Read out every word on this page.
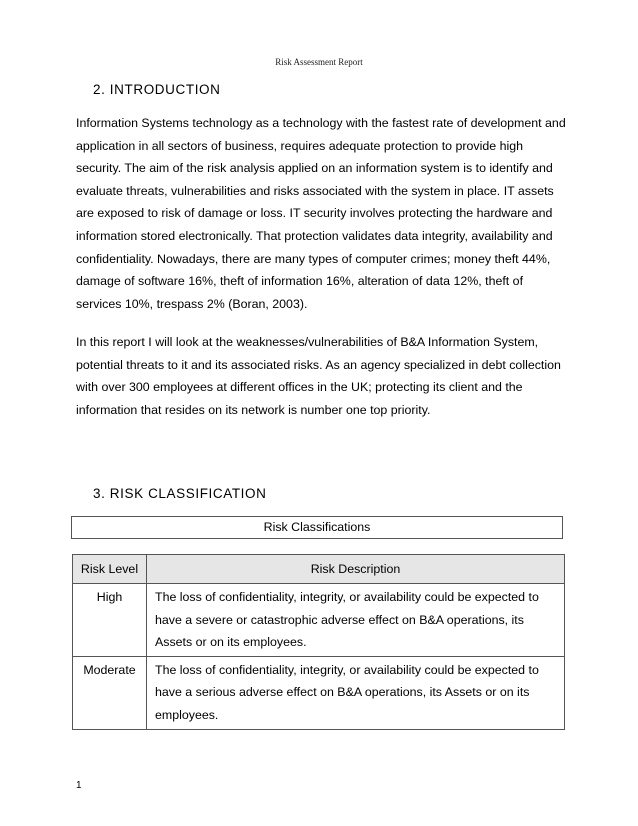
Risk Assessment Report
2. INTRODUCTION

Information Systems technology as a technology with the fastest rate of development and application in all sectors of business, requires adequate protection to provide high security. The aim of the risk analysis applied on an information system is to identify and evaluate threats, vulnerabilities and risks associated with the system in place. IT assets are exposed to risk of damage or loss. IT security involves protecting the hardware and information stored electronically. That protection validates data integrity, availability and confidentiality. Nowadays, there are many types of computer crimes; money theft 44%, damage of software 16%, theft of information 16%, alteration of data 12%, theft of services 10%, trespass 2% (Boran, 2003).

In this report I will look at the weaknesses/vulnerabilities of B&A Information System, potential threats to it and its associated risks. As an agency specialized in debt collection with over 300 employees at different offices in the UK; protecting its client and the information that resides on its network is number one top priority.

3. RISK CLASSIFICATION
Risk Classifications
Risk Level	Risk Description
High	The loss of confidentiality, integrity, or availability could be expected to have a severe or catastrophic adverse effect on B&A operations, its Assets or on its employees.
Moderate	The loss of confidentiality, integrity, or availability could be expected to have a serious adverse effect on B&A operations, its Assets or on its employees.
1
